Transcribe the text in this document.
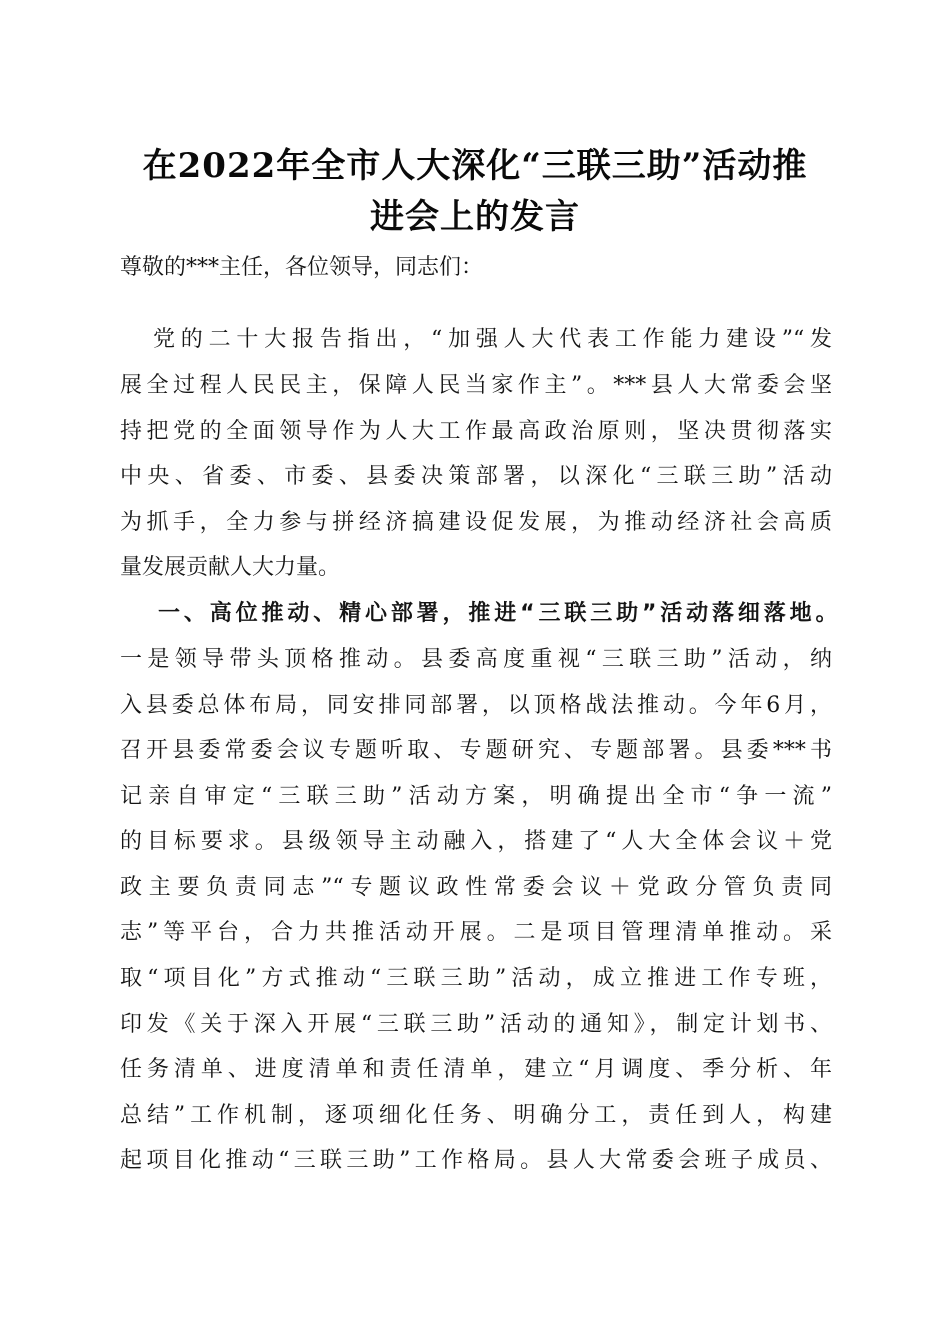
在2022年全市人大深化“三联三助”活动推
进会上的发言
尊敬的***主任，各位领导，同志们：
党的二十大报告指出，“加强人大代表工作能力建设”“发
展全过程人民民主，保障人民当家作主”。***县人大常委会坚
持把党的全面领导作为人大工作最高政治原则，坚决贯彻落实
中央、省委、市委、县委决策部署，以深化“三联三助”活动
为抓手，全力参与拼经济搞建设促发展，为推动经济社会高质
量发展贡献人大力量。
一、高位推动、精心部署，推进“三联三助”活动落细落地。
一是领导带头顶格推动。县委高度重视“三联三助”活动，纳
入县委总体布局，同安排同部署，以顶格战法推动。今年6月，
召开县委常委会议专题听取、专题研究、专题部署。县委***书
记亲自审定“三联三助”活动方案，明确提出全市“争一流”
的目标要求。县级领导主动融入，搭建了“人大全体会议＋党
政主要负责同志”“专题议政性常委会议＋党政分管负责同
志”等平台，合力共推活动开展。二是项目管理清单推动。采
取“项目化”方式推动“三联三助”活动，成立推进工作专班，
印发《关于深入开展“三联三助”活动的通知》，制定计划书、
任务清单、进度清单和责任清单，建立“月调度、季分析、年
总结”工作机制，逐项细化任务、明确分工，责任到人，构建
起项目化推动“三联三助”工作格局。县人大常委会班子成员、
